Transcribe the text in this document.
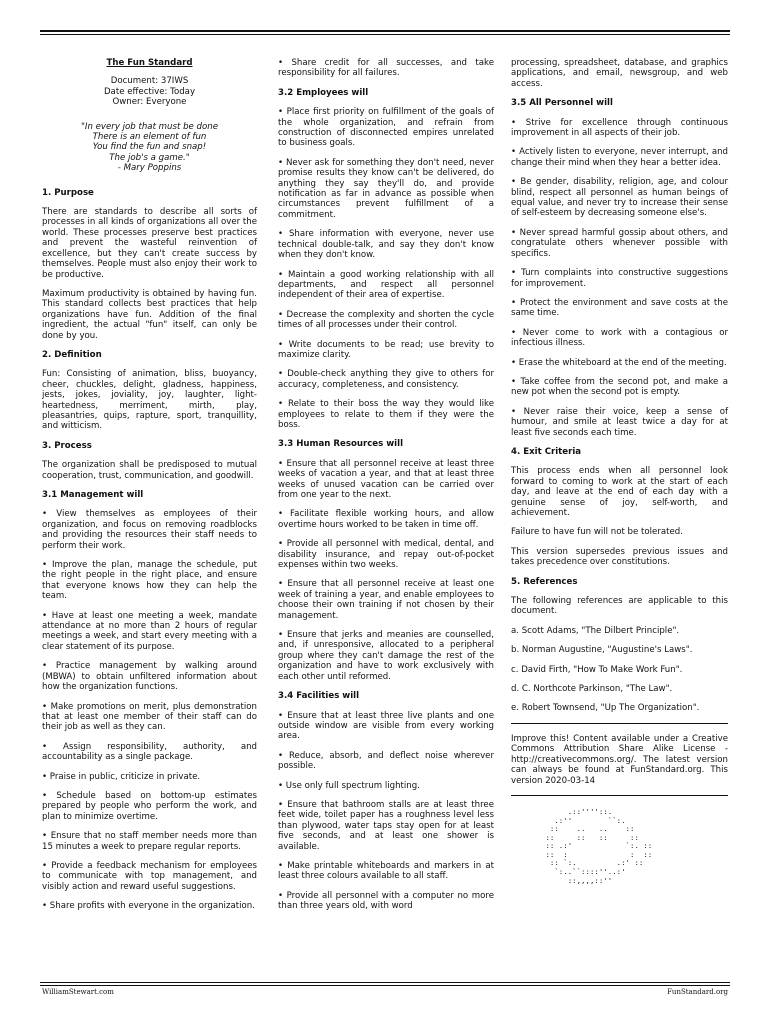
The Fun Standard

Document: 37IWS

Date effective: Today

Owner: Everyone

"In every job that must be done
There is an element of fun
You find the fun and snap!
The job's a game."
- Mary Poppins
1. Purpose

There are standards to describe all sorts of processes in all kinds of organizations all over the world. These processes preserve best practices and prevent the wasteful reinvention of excellence, but they can't create success by themselves. People must also enjoy their work to be productive.

Maximum productivity is obtained by having fun. This standard collects best practices that help organizations have fun. Addition of the final ingredient, the actual "fun" itself, can only be done by you.

2. Definition

Fun: Consisting of animation, bliss, buoyancy, cheer, chuckles, delight, gladness, happiness, jests, jokes, joviality, joy, laughter, light-heartedness, merriment, mirth, play, pleasantries, quips, rapture, sport, tranquillity, and witticism.

3. Process

The organization shall be predisposed to mutual cooperation, trust, communication, and goodwill.

3.1 Management will

• View themselves as employees of their organization, and focus on removing roadblocks and providing the resources their staff needs to perform their work.

• Improve the plan, manage the schedule, put the right people in the right place, and ensure that everyone knows how they can help the team.

• Have at least one meeting a week, mandate attendance at no more than 2 hours of regular meetings a week, and start every meeting with a clear statement of its purpose.

• Practice management by walking around (MBWA) to obtain unfiltered information about how the organization functions.

• Make promotions on merit, plus demonstration that at least one member of their staff can do their job as well as they can.

• Assign responsibility, authority, and accountability as a single package.

• Praise in public, criticize in private.

• Schedule based on bottom-up estimates prepared by people who perform the work, and plan to minimize overtime.

• Ensure that no staff member needs more than 15 minutes a week to prepare regular reports.

• Provide a feedback mechanism for employees to communicate with top management, and visibly action and reward useful suggestions.

• Share profits with everyone in the organization.

• Share credit for all successes, and take responsibility for all failures.

3.2 Employees will

• Place first priority on fulfillment of the goals of the whole organization, and refrain from construction of disconnected empires unrelated to business goals.

• Never ask for something they don't need, never promise results they know can't be delivered, do anything they say they'll do, and provide notification as far in advance as possible when circumstances prevent fulfillment of a commitment.

• Share information with everyone, never use technical double-talk, and say they don't know when they don't know.

• Maintain a good working relationship with all departments, and respect all personnel independent of their area of expertise.

• Decrease the complexity and shorten the cycle times of all processes under their control.

• Write documents to be read; use brevity to maximize clarity.

• Double-check anything they give to others for accuracy, completeness, and consistency.

• Relate to their boss the way they would like employees to relate to them if they were the boss.

3.3 Human Resources will

• Ensure that all personnel receive at least three weeks of vacation a year, and that at least three weeks of unused vacation can be carried over from one year to the next.

• Facilitate flexible working hours, and allow overtime hours worked to be taken in time off.

• Provide all personnel with medical, dental, and disability insurance, and repay out-of-pocket expenses within two weeks.

• Ensure that all personnel receive at least one week of training a year, and enable employees to choose their own training if not chosen by their management.

• Ensure that jerks and meanies are counselled, and, if unresponsive, allocated to a peripheral group where they can't damage the rest of the organization and have to work exclusively with each other until reformed.

3.4 Facilities will

• Ensure that at least three live plants and one outside window are visible from every working area.

• Reduce, absorb, and deflect noise wherever possible.

• Use only full spectrum lighting.

• Ensure that bathroom stalls are at least three feet wide, toilet paper has a roughness level less than plywood, water taps stay open for at least five seconds, and at least one shower is available.

• Make printable whiteboards and markers in at least three colours available to all staff.

• Provide all personnel with a computer no more than three years old, with word

processing, spreadsheet, database, and graphics applications, and email, newsgroup, and web access.

3.5 All Personnel will

• Strive for excellence through continuous improvement in all aspects of their job.

• Actively listen to everyone, never interrupt, and change their mind when they hear a better idea.

• Be gender, disability, religion, age, and colour blind, respect all personnel as human beings of equal value, and never try to increase their sense of self-esteem by decreasing someone else's.

• Never spread harmful gossip about others, and congratulate others whenever possible with specifics.

• Turn complaints into constructive suggestions for improvement.

• Protect the environment and save costs at the same time.

• Never come to work with a contagious or infectious illness.

• Erase the whiteboard at the end of the meeting.

• Take coffee from the second pot, and make a new pot when the second pot is empty.

• Never raise their voice, keep a sense of humour, and smile at least twice a day for at least five seconds each time.

4. Exit Criteria

This process ends when all personnel look forward to coming to work at the start of each day, and leave at the end of each day with a genuine sense of joy, self-worth, and achievement.

Failure to have fun will not be tolerated.

This version supersedes previous issues and takes precedence over constitutions.

5. References

The following references are applicable to this document.

a. Scott Adams, "The Dilbert Principle".

b. Norman Augustine, "Augustine's Laws".

c. David Firth, "How To Make Work Fun".

d. C. Northcote Parkinson, "The Law".

e. Robert Townsend, "Up The Organization".

Improve this! Content available under a Creative Commons Attribution Share Alike License - http://creativecommons.org/. The latest version can always be found at FunStandard.org. This version 2020-03-14

.::''''::.
.:''        ``:.
::    ..   ..    ::
::     ::   ::     ::
:: .:'            `:. ::
::  :              :  ::
:: `:.         .:' ::
`:..``::::''..:'
::,,,,::''
WilliamStewart.com	FunStandard.org
